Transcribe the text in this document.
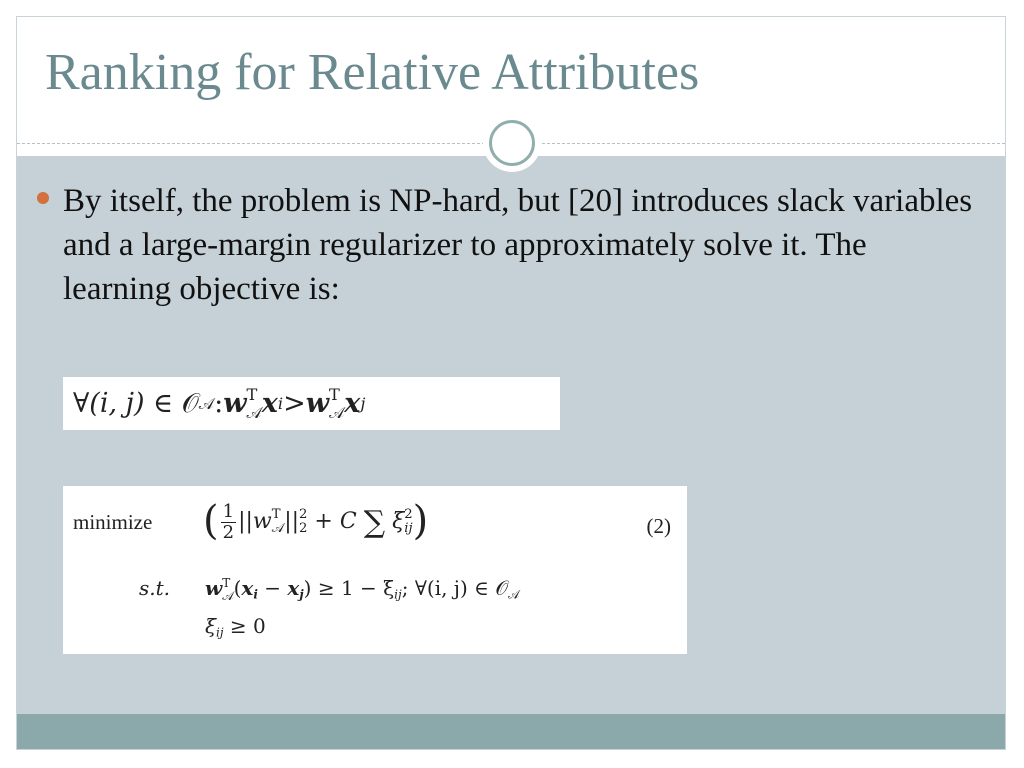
Ranking for Relative Attributes

By itself, the problem is NP-hard, but [20] introduces slack variables and a large-margin regularizer to approximately solve it. The learning objective is:

∀ (i, j)
∈
𝒪 𝒜 : w T
𝒜 x i > w T
𝒜 x j
minimize ( $\frac{1}{2} ||w$ T
𝒜 || 2
2 + C ∑ ξ 2
ij )	(2)
s.t. w T
𝒜 $(x_i - x_j) \ge 1 - \xi_{ij}$; ∀(i, j) ∈ 𝒪$_𝒜$
$\xi_{ij} \ge 0$
